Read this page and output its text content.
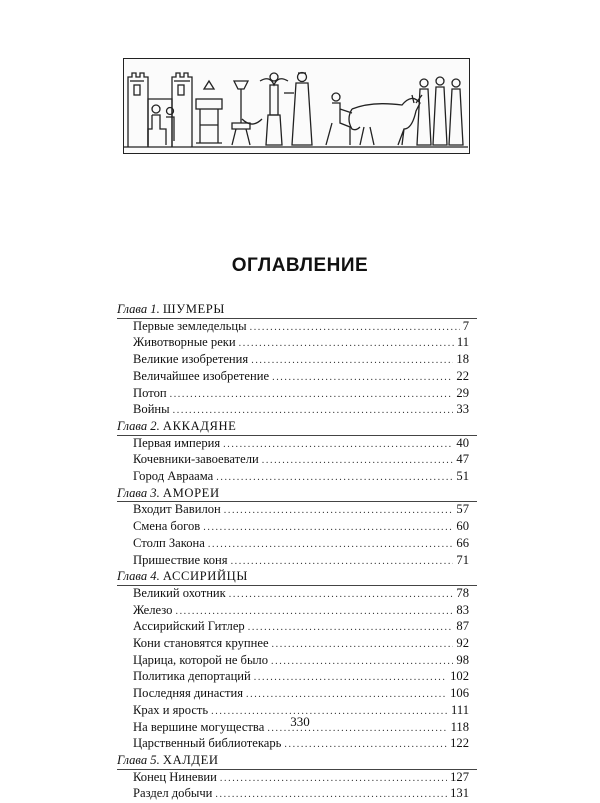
ОГЛАВЛЕНИЕ
Глава 1. ШУМЕРЫ
Первые земледельцы .....	7
Животворные реки .....	11
Великие изобретения .....	18
Величайшее изобретение .....	22
Потоп .....	29
Войны .....	33
Глава 2. АККАДЯНЕ
Первая империя .....	40
Кочевники-завоеватели .....	47
Город Авраама .....	51
Глава 3. АМОРЕИ
Входит Вавилон .....	57
Смена богов .....	60
Столп Закона .....	66
Пришествие коня .....	71
Глава 4. АССИРИЙЦЫ
Великий охотник .....	78
Железо .....	83
Ассирийский Гитлер .....	87
Кони становятся крупнее .....	92
Царица, которой не было .....	98
Политика депортаций .....	102
Последняя династия .....	106
Крах и ярость .....	111
На вершине могущества .....	118
Царственный библиотекарь .....	122
Глава 5. ХАЛДЕИ
Конец Ниневии .....	127
Раздел добычи .....	131
330
